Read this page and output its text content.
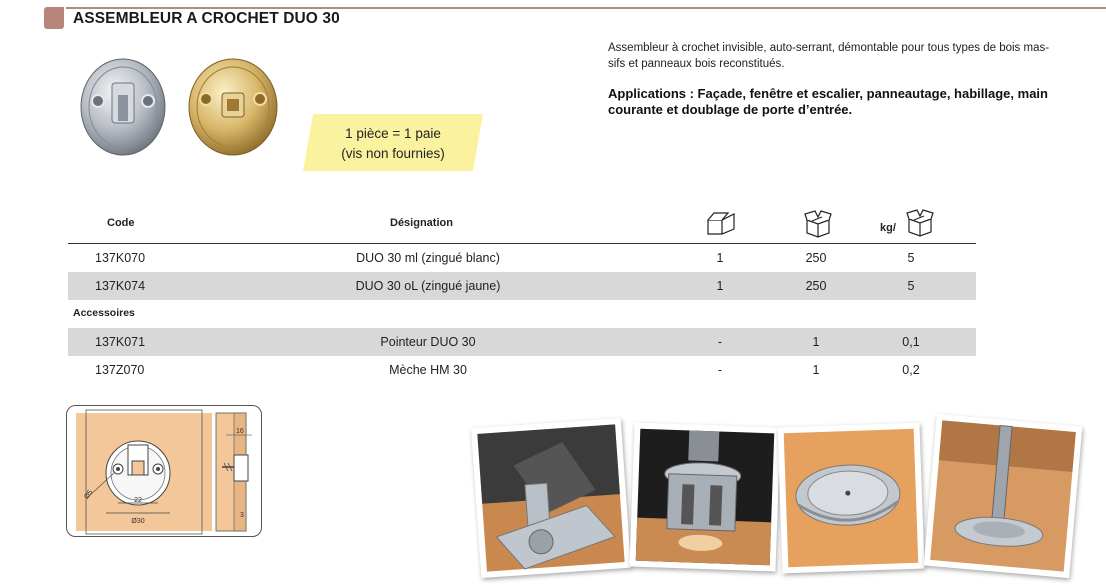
ASSEMBLEUR A CROCHET DUO 30
1 pièce = 1 paie
(vis non fournies)
Assembleur à crochet invisible, auto-serrant, démontable pour tous types de bois mas-
sifs et panneaux bois reconstitués.
Applications : Façade, fenêtre et escalier, panneautage, habillage, main
courante et doublage de porte d’entrée.
Code	Désignation	kg/
137K070	DUO 30 ml (zingué blanc)	1	250	5
137K074	DUO 30 oL (zingué jaune)	1	250	5
Accessoires
137K071	Pointeur DUO 30	-	1	0,1
137Z070	Mèche HM 30	-	1	0,2
22
Ø30
Ø5
16
3
